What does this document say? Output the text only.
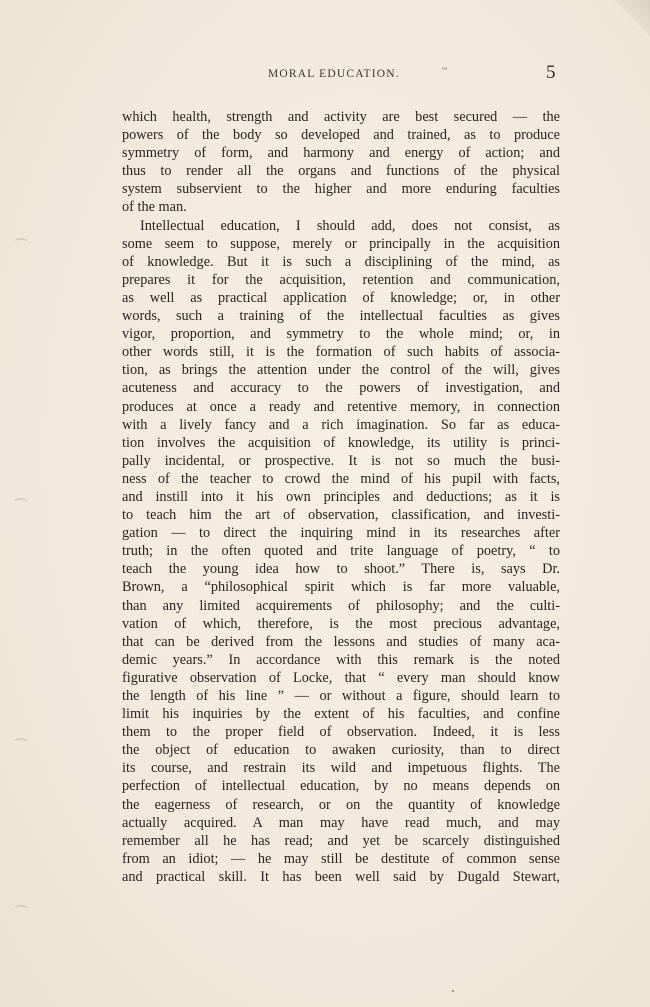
MORAL EDUCATION.	~	5
which health, strength and activity are best secured — the
powers of the body so developed and trained, as to produce
symmetry of form, and harmony and energy of action; and
thus to render all the organs and functions of the physical
system subservient to the higher and more enduring faculties
of the man.
Intellectual education, I should add, does not consist, as
some seem to suppose, merely or principally in the acquisition
of knowledge. But it is such a disciplining of the mind, as
prepares it for the acquisition, retention and communication,
as well as practical application of knowledge; or, in other
words, such a training of the intellectual faculties as gives
vigor, proportion, and symmetry to the whole mind; or, in
other words still, it is the formation of such habits of associa-
tion, as brings the attention under the control of the will, gives
acuteness and accuracy to the powers of investigation, and
produces at once a ready and retentive memory, in connection
with a lively fancy and a rich imagination. So far as educa-
tion involves the acquisition of knowledge, its utility is princi-
pally incidental, or prospective. It is not so much the busi-
ness of the teacher to crowd the mind of his pupil with facts,
and instill into it his own principles and deductions; as it is
to teach him the art of observation, classification, and investi-
gation — to direct the inquiring mind in its researches after
truth; in the often quoted and trite language of poetry, “ to
teach the young idea how to shoot.” There is, says Dr.
Brown, a “philosophical spirit which is far more valuable,
than any limited acquirements of philosophy; and the culti-
vation of which, therefore, is the most precious advantage,
that can be derived from the lessons and studies of many aca-
demic years.” In accordance with this remark is the noted
figurative observation of Locke, that “ every man should know
the length of his line ” — or without a figure, should learn to
limit his inquiries by the extent of his faculties, and confine
them to the proper field of observation. Indeed, it is less
the object of education to awaken curiosity, than to direct
its course, and restrain its wild and impetuous flights. The
perfection of intellectual education, by no means depends on
the eagerness of research, or on the quantity of knowledge
actually acquired. A man may have read much, and may
remember all he has read; and yet be scarcely distinguished
from an idiot; — he may still be destitute of common sense
and practical skill. It has been well said by Dugald Stewart,
